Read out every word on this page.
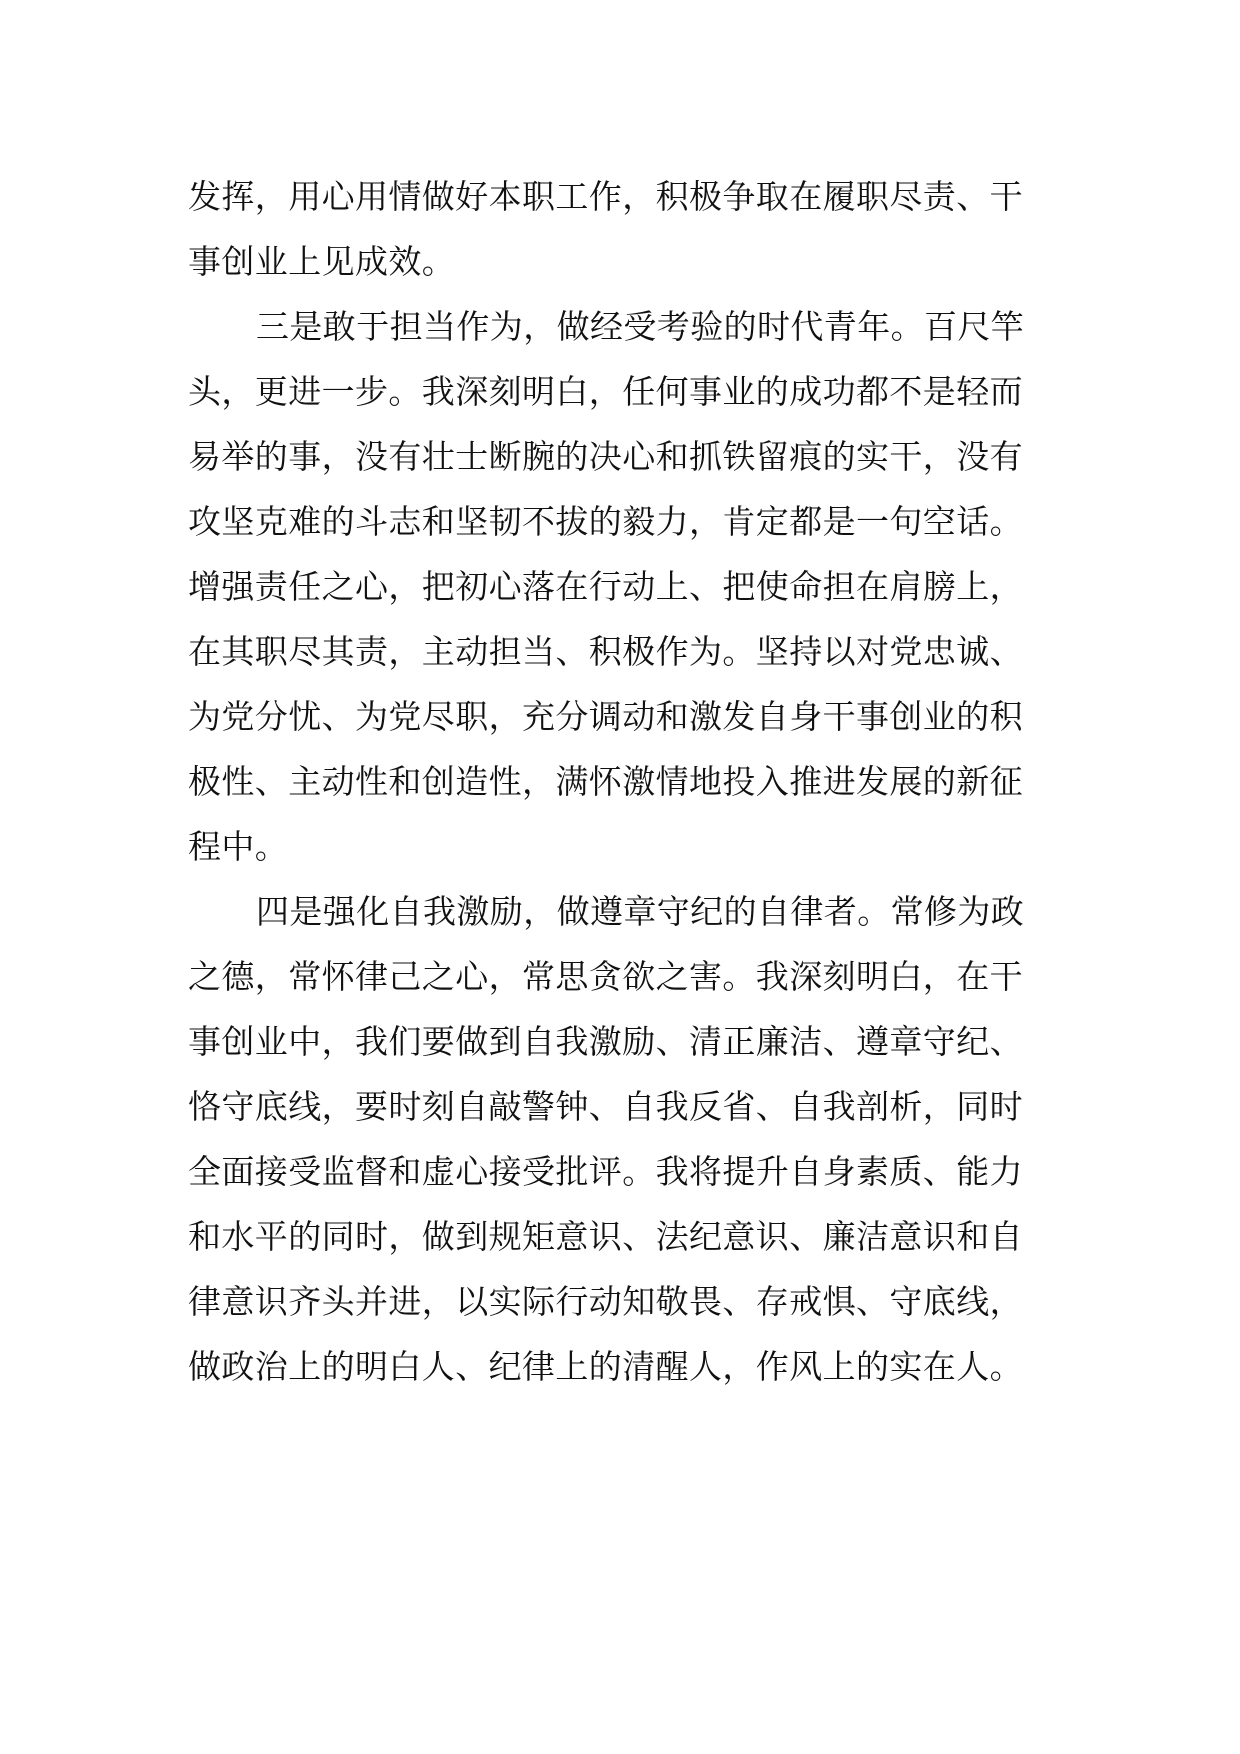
发挥，用心用情做好本职工作，积极争取在履职尽责、干
事创业上见成效。
三是敢于担当作为，做经受考验的时代青年。百尺竿
头，更进一步。我深刻明白，任何事业的成功都不是轻而
易举的事，没有壮士断腕的决心和抓铁留痕的实干，没有
攻坚克难的斗志和坚韧不拔的毅力，肯定都是一句空话。
增强责任之心，把初心落在行动上、把使命担在肩膀上，
在其职尽其责，主动担当、积极作为。坚持以对党忠诚、
为党分忧、为党尽职，充分调动和激发自身干事创业的积
极性、主动性和创造性，满怀激情地投入推进发展的新征
程中。
四是强化自我激励，做遵章守纪的自律者。常修为政
之德，常怀律己之心，常思贪欲之害。我深刻明白，在干
事创业中，我们要做到自我激励、清正廉洁、遵章守纪、
恪守底线，要时刻自敲警钟、自我反省、自我剖析，同时
全面接受监督和虚心接受批评。我将提升自身素质、能力
和水平的同时，做到规矩意识、法纪意识、廉洁意识和自
律意识齐头并进，以实际行动知敬畏、存戒惧、守底线，
做政治上的明白人、纪律上的清醒人，作风上的实在人。
